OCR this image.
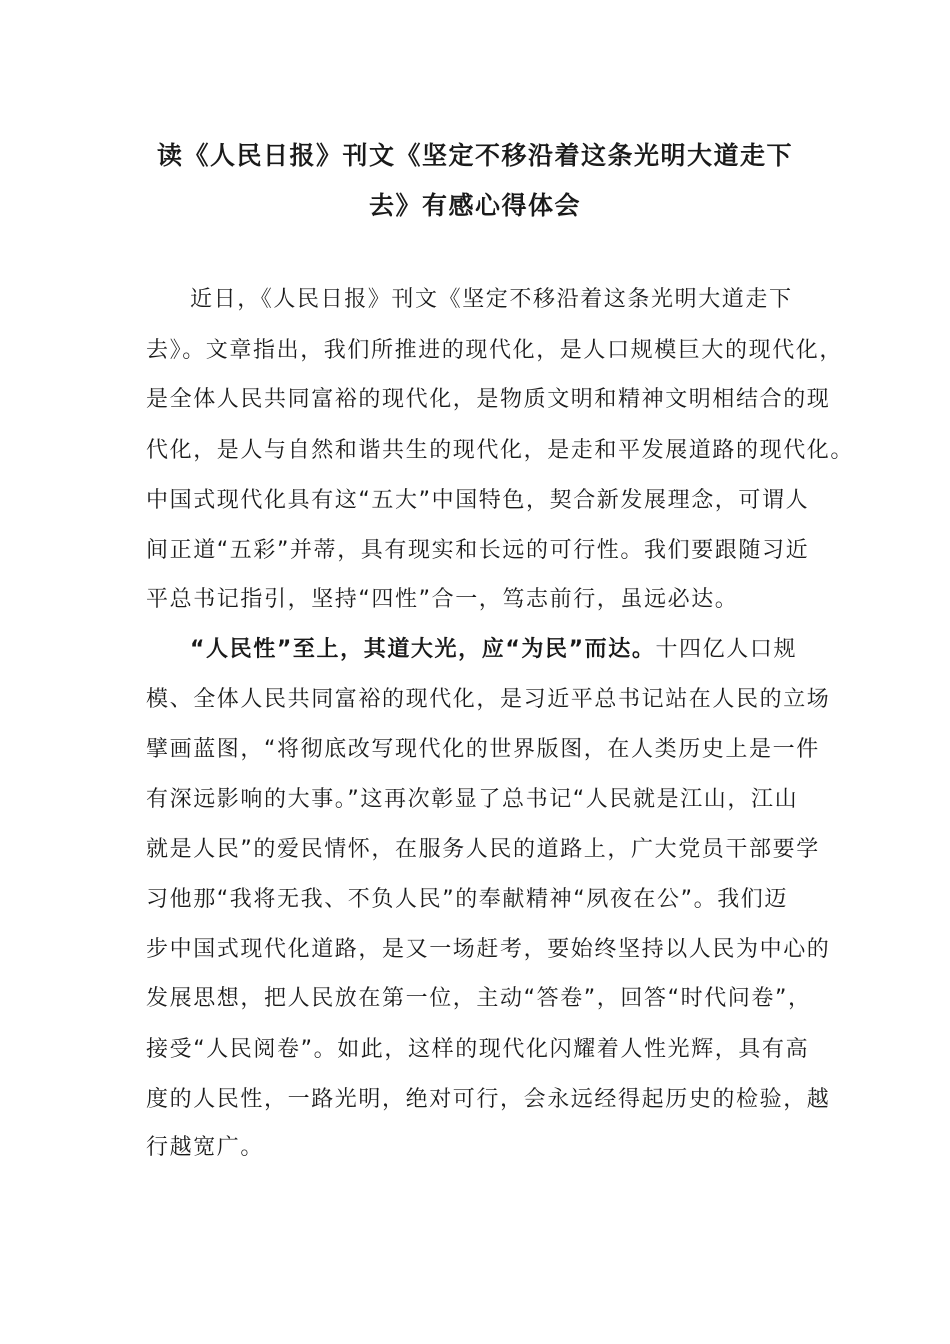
读《人民日报》刊文《坚定不移沿着这条光明大道走下
去》有感心得体会
近日，《人民日报》刊文《坚定不移沿着这条光明大道走下
去》。文章指出，我们所推进的现代化，是人口规模巨大的现代化，
是全体人民共同富裕的现代化，是物质文明和精神文明相结合的现
代化，是人与自然和谐共生的现代化，是走和平发展道路的现代化。
中国式现代化具有这“五大”中国特色，契合新发展理念，可谓人
间正道“五彩”并蒂，具有现实和长远的可行性。我们要跟随习近
平总书记指引，坚持“四性”合一，笃志前行，虽远必达。
“人民性”至上，其道大光，应“为民”而达。十四亿人口规
模、全体人民共同富裕的现代化，是习近平总书记站在人民的立场
擘画蓝图，“将彻底改写现代化的世界版图，在人类历史上是一件
有深远影响的大事。”这再次彰显了总书记“人民就是江山，江山
就是人民”的爱民情怀，在服务人民的道路上，广大党员干部要学
习他那“我将无我、不负人民”的奉献精神“夙夜在公”。我们迈
步中国式现代化道路，是又一场赶考，要始终坚持以人民为中心的
发展思想，把人民放在第一位，主动“答卷”，回答“时代问卷”，
接受“人民阅卷”。如此，这样的现代化闪耀着人性光辉，具有高
度的人民性，一路光明，绝对可行，会永远经得起历史的检验，越
行越宽广。
